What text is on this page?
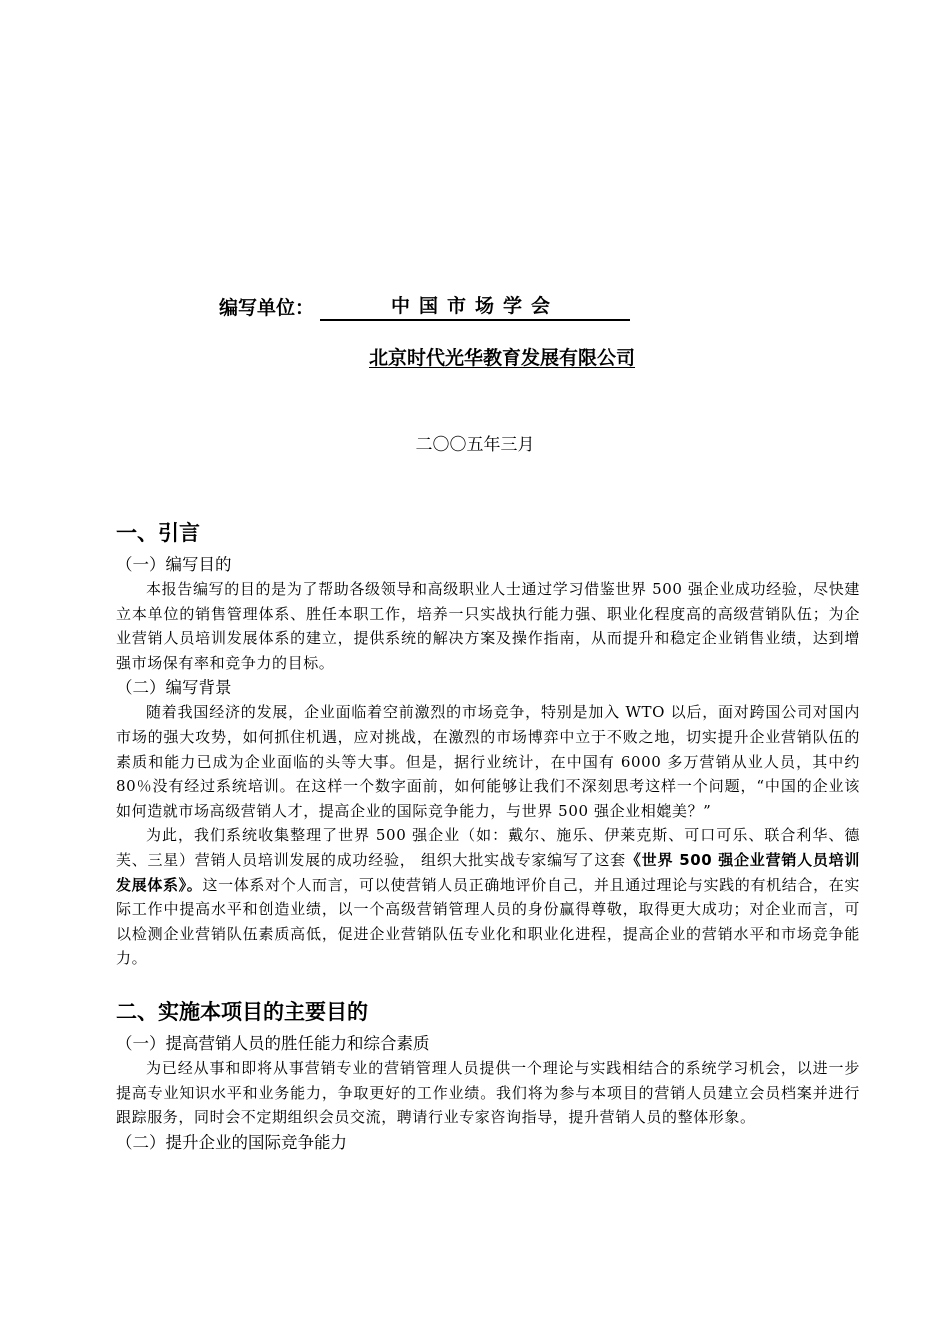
编写单位：	中国市场学会
北京时代光华教育发展有限公司
二〇〇五年三月
一、引言
（一）编写目的

本报告编写的目的是为了帮助各级领导和高级职业人士通过学习借鉴世界 500 强企业成功经验，尽快建立本单位的销售管理体系、胜任本职工作，培养一只实战执行能力强、职业化程度高的高级营销队伍；为企业营销人员培训发展体系的建立，提供系统的解决方案及操作指南，从而提升和稳定企业销售业绩，达到增强市场保有率和竞争力的目标。

（二）编写背景

随着我国经济的发展，企业面临着空前激烈的市场竞争，特别是加入 WTO 以后，面对跨国公司对国内市场的强大攻势，如何抓住机遇，应对挑战，在激烈的市场博弈中立于不败之地，切实提升企业营销队伍的素质和能力已成为企业面临的头等大事。但是，据行业统计，在中国有 6000 多万营销从业人员，其中约 80％没有经过系统培训。在这样一个数字面前，如何能够让我们不深刻思考这样一个问题，“中国的企业该如何造就市场高级营销人才，提高企业的国际竞争能力，与世界 500 强企业相媲美？”

为此，我们系统收集整理了世界 500 强企业（如：戴尔、施乐、伊莱克斯、可口可乐、联合利华、德芙、三星）营销人员培训发展的成功经验， 组织大批实战专家编写了这套《世界 500 强企业营销人员培训发展体系》。这一体系对个人而言，可以使营销人员正确地评价自己，并且通过理论与实践的有机结合，在实际工作中提高水平和创造业绩，以一个高级营销管理人员的身份赢得尊敬，取得更大成功；对企业而言，可以检测企业营销队伍素质高低，促进企业营销队伍专业化和职业化进程，提高企业的营销水平和市场竞争能力。

二、实施本项目的主要目的
（一）提高营销人员的胜任能力和综合素质

为已经从事和即将从事营销专业的营销管理人员提供一个理论与实践相结合的系统学习机会，以进一步提高专业知识水平和业务能力，争取更好的工作业绩。我们将为参与本项目的营销人员建立会员档案并进行跟踪服务，同时会不定期组织会员交流，聘请行业专家咨询指导，提升营销人员的整体形象。

（二）提升企业的国际竞争能力
